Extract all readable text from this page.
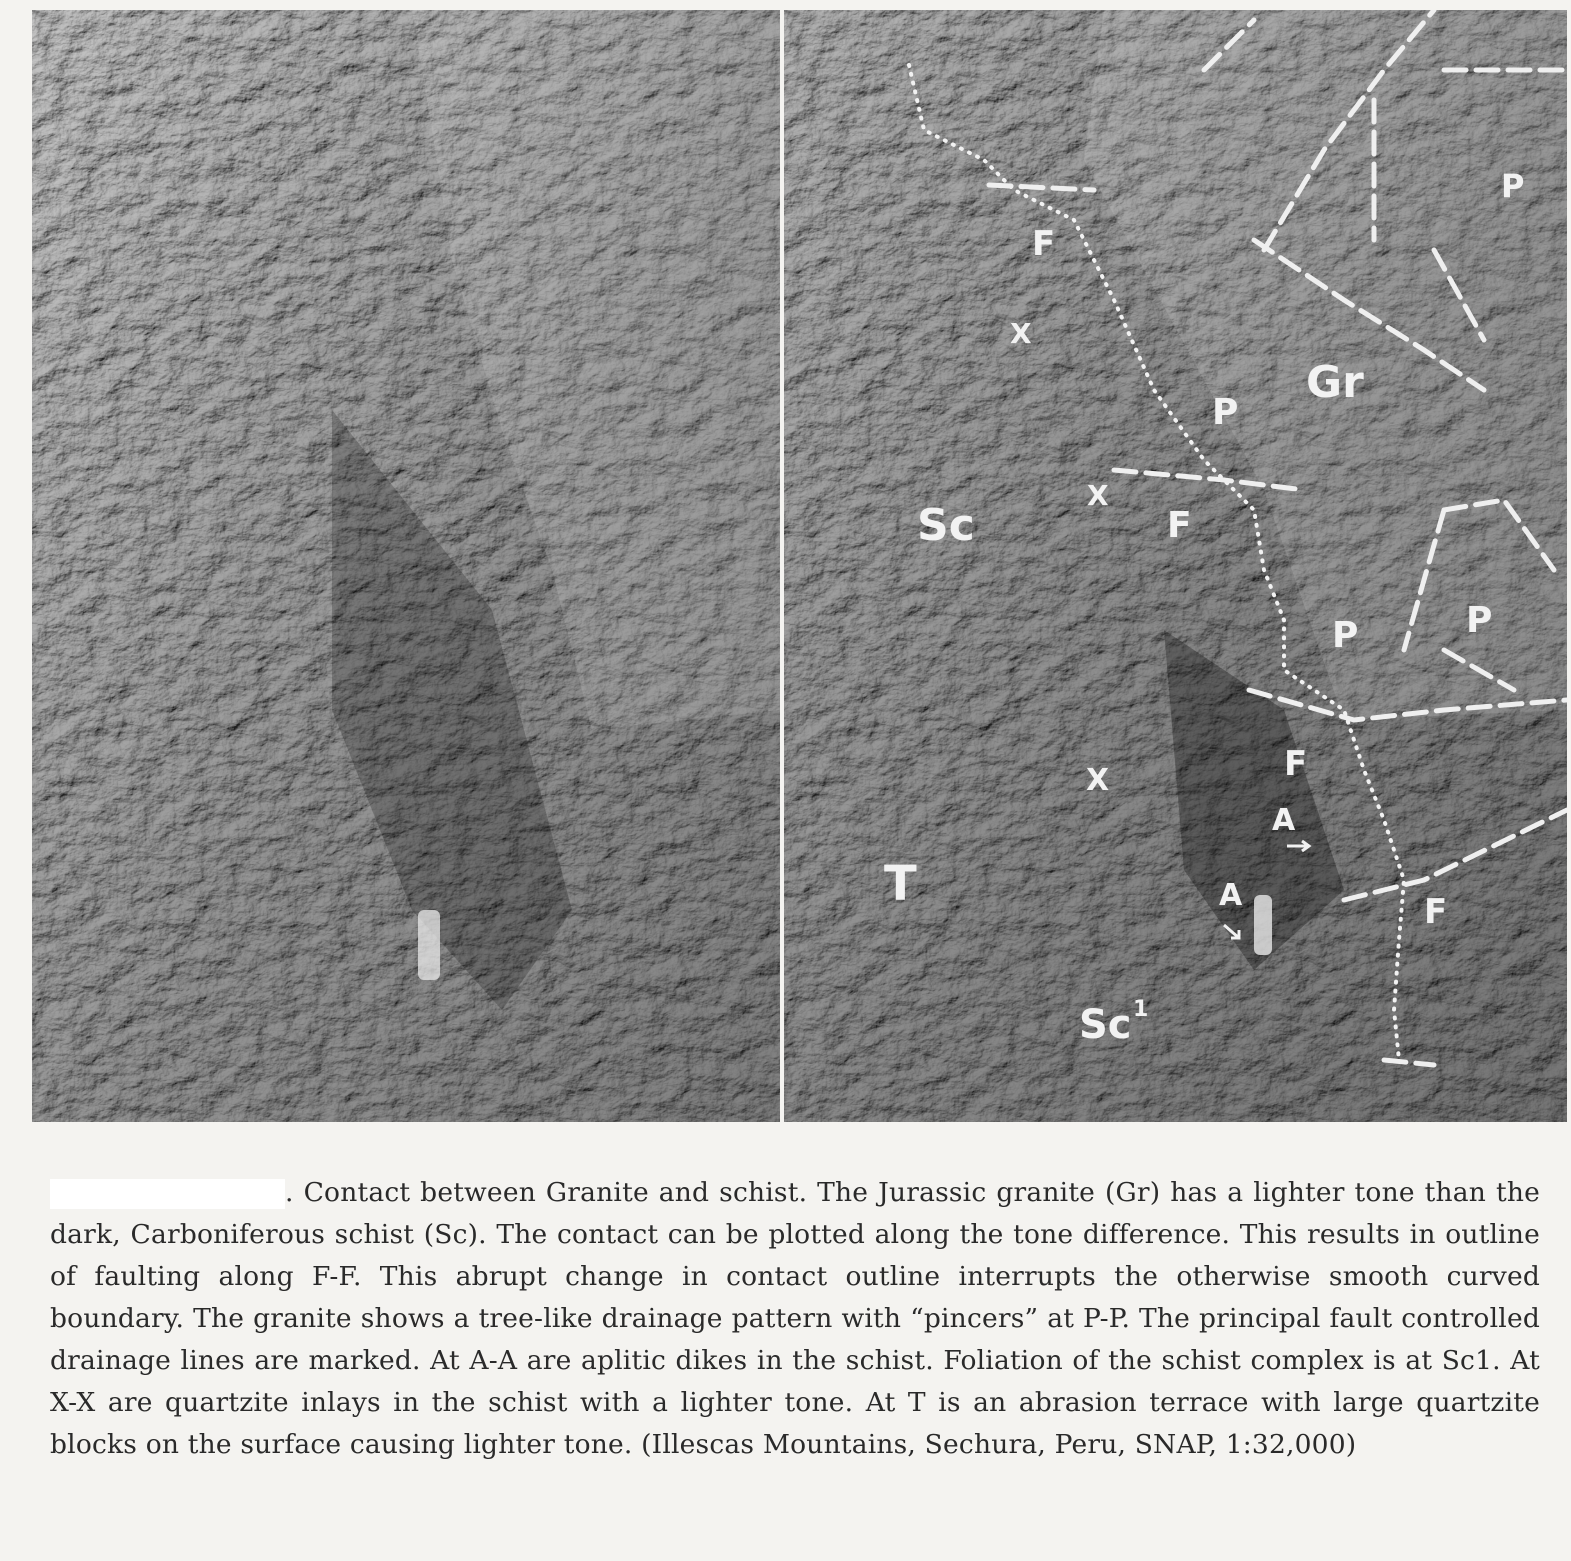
F
X
Gr
P
P
Sc
X
F
P	P
F
X
A
T	A	F
Sc 1
. Contact between Granite and schist. The Jurassic granite (Gr) has a lighter tone than the dark, Carboniferous schist (Sc). The contact can be plotted along the tone difference. This results in outline of faulting along F-F. This abrupt change in contact outline interrupts the otherwise smooth curved boundary. The granite shows a tree-like drainage pattern with “pincers” at P-P. The principal fault controlled drainage lines are marked. At A-A are aplitic dikes in the schist. Foliation of the schist complex is at Sc1. At X-X are quartzite inlays in the schist with a lighter tone. At T is an abrasion terrace with large quartzite blocks on the surface causing lighter tone. (Illescas Mountains, Sechura, Peru, SNAP, 1:32,000)
